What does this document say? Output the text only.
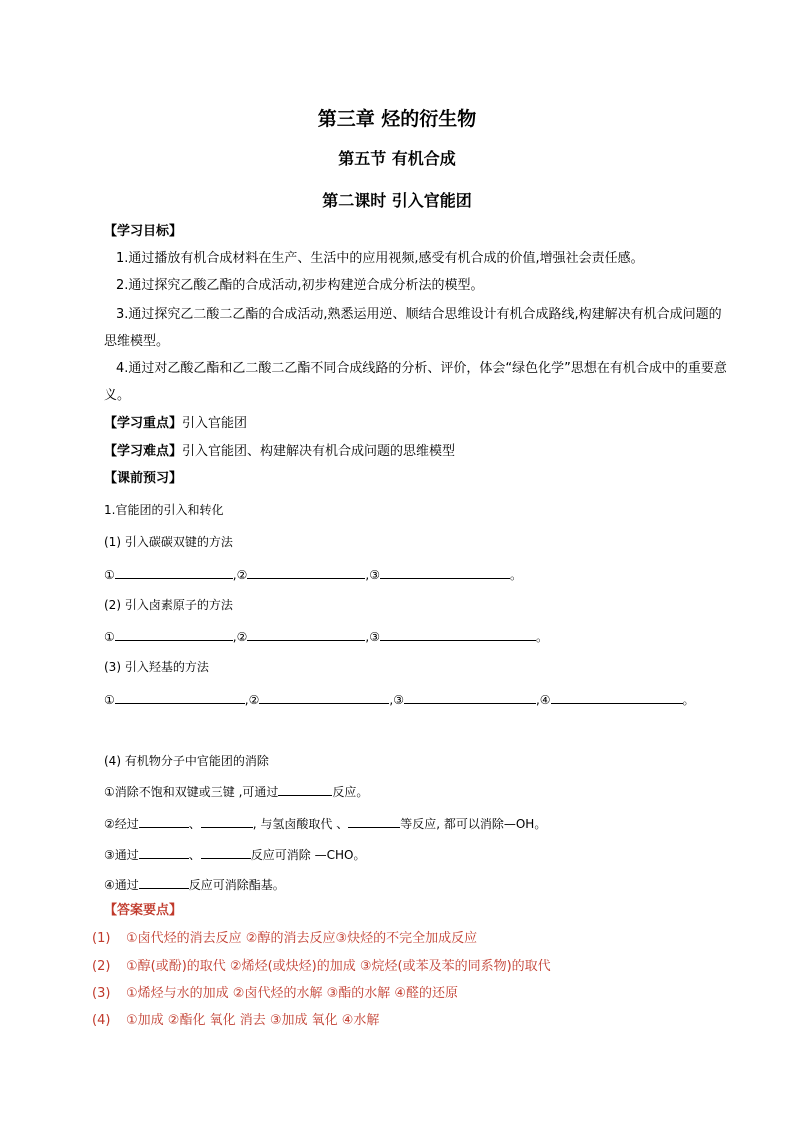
第三章 烃的衍生物
第五节 有机合成
第二课时 引入官能团
【学习目标】
1.通过播放有机合成材料在生产、生活中的应用视频,感受有机合成的价值,增强社会责任感。
2.通过探究乙酸乙酯的合成活动,初步构建逆合成分析法的模型。
3.通过探究乙二酸二乙酯的合成活动,熟悉运用逆、顺结合思维设计有机合成路线,构建解决有机合成问题的思维模型。
4.通过对乙酸乙酯和乙二酸二乙酯不同合成线路的分析、评价，体会“绿色化学”思想在有机合成中的重要意义。
【学习重点】引入官能团
【学习难点】引入官能团、构建解决有机合成问题的思维模型
【课前预习】
1.官能团的引入和转化
(1) 引入碳碳双键的方法
①	,②	,③	。
(2) 引入卤素原子的方法
①	,②	,③	。
(3) 引入羟基的方法
①	,②	,③	,④	。
(4) 有机物分子中官能团的消除
①消除不饱和双键或三键 ,可通过	反应。
②经过	、	, 与氢卤酸取代 、	等反应, 都可以消除—OH。
③通过	、	反应可消除 —CHO。
④通过	反应可消除酯基。
【答案要点】
(1) ①卤代烃的消去反应 ②醇的消去反应③炔烃的不完全加成反应
(2) ①醇(或酚)的取代 ②烯烃(或炔烃)的加成 ③烷烃(或苯及苯的同系物)的取代
(3) ①烯烃与水的加成 ②卤代烃的水解 ③酯的水解 ④醛的还原
(4) ①加成 ②酯化 氧化 消去 ③加成 氧化 ④水解
